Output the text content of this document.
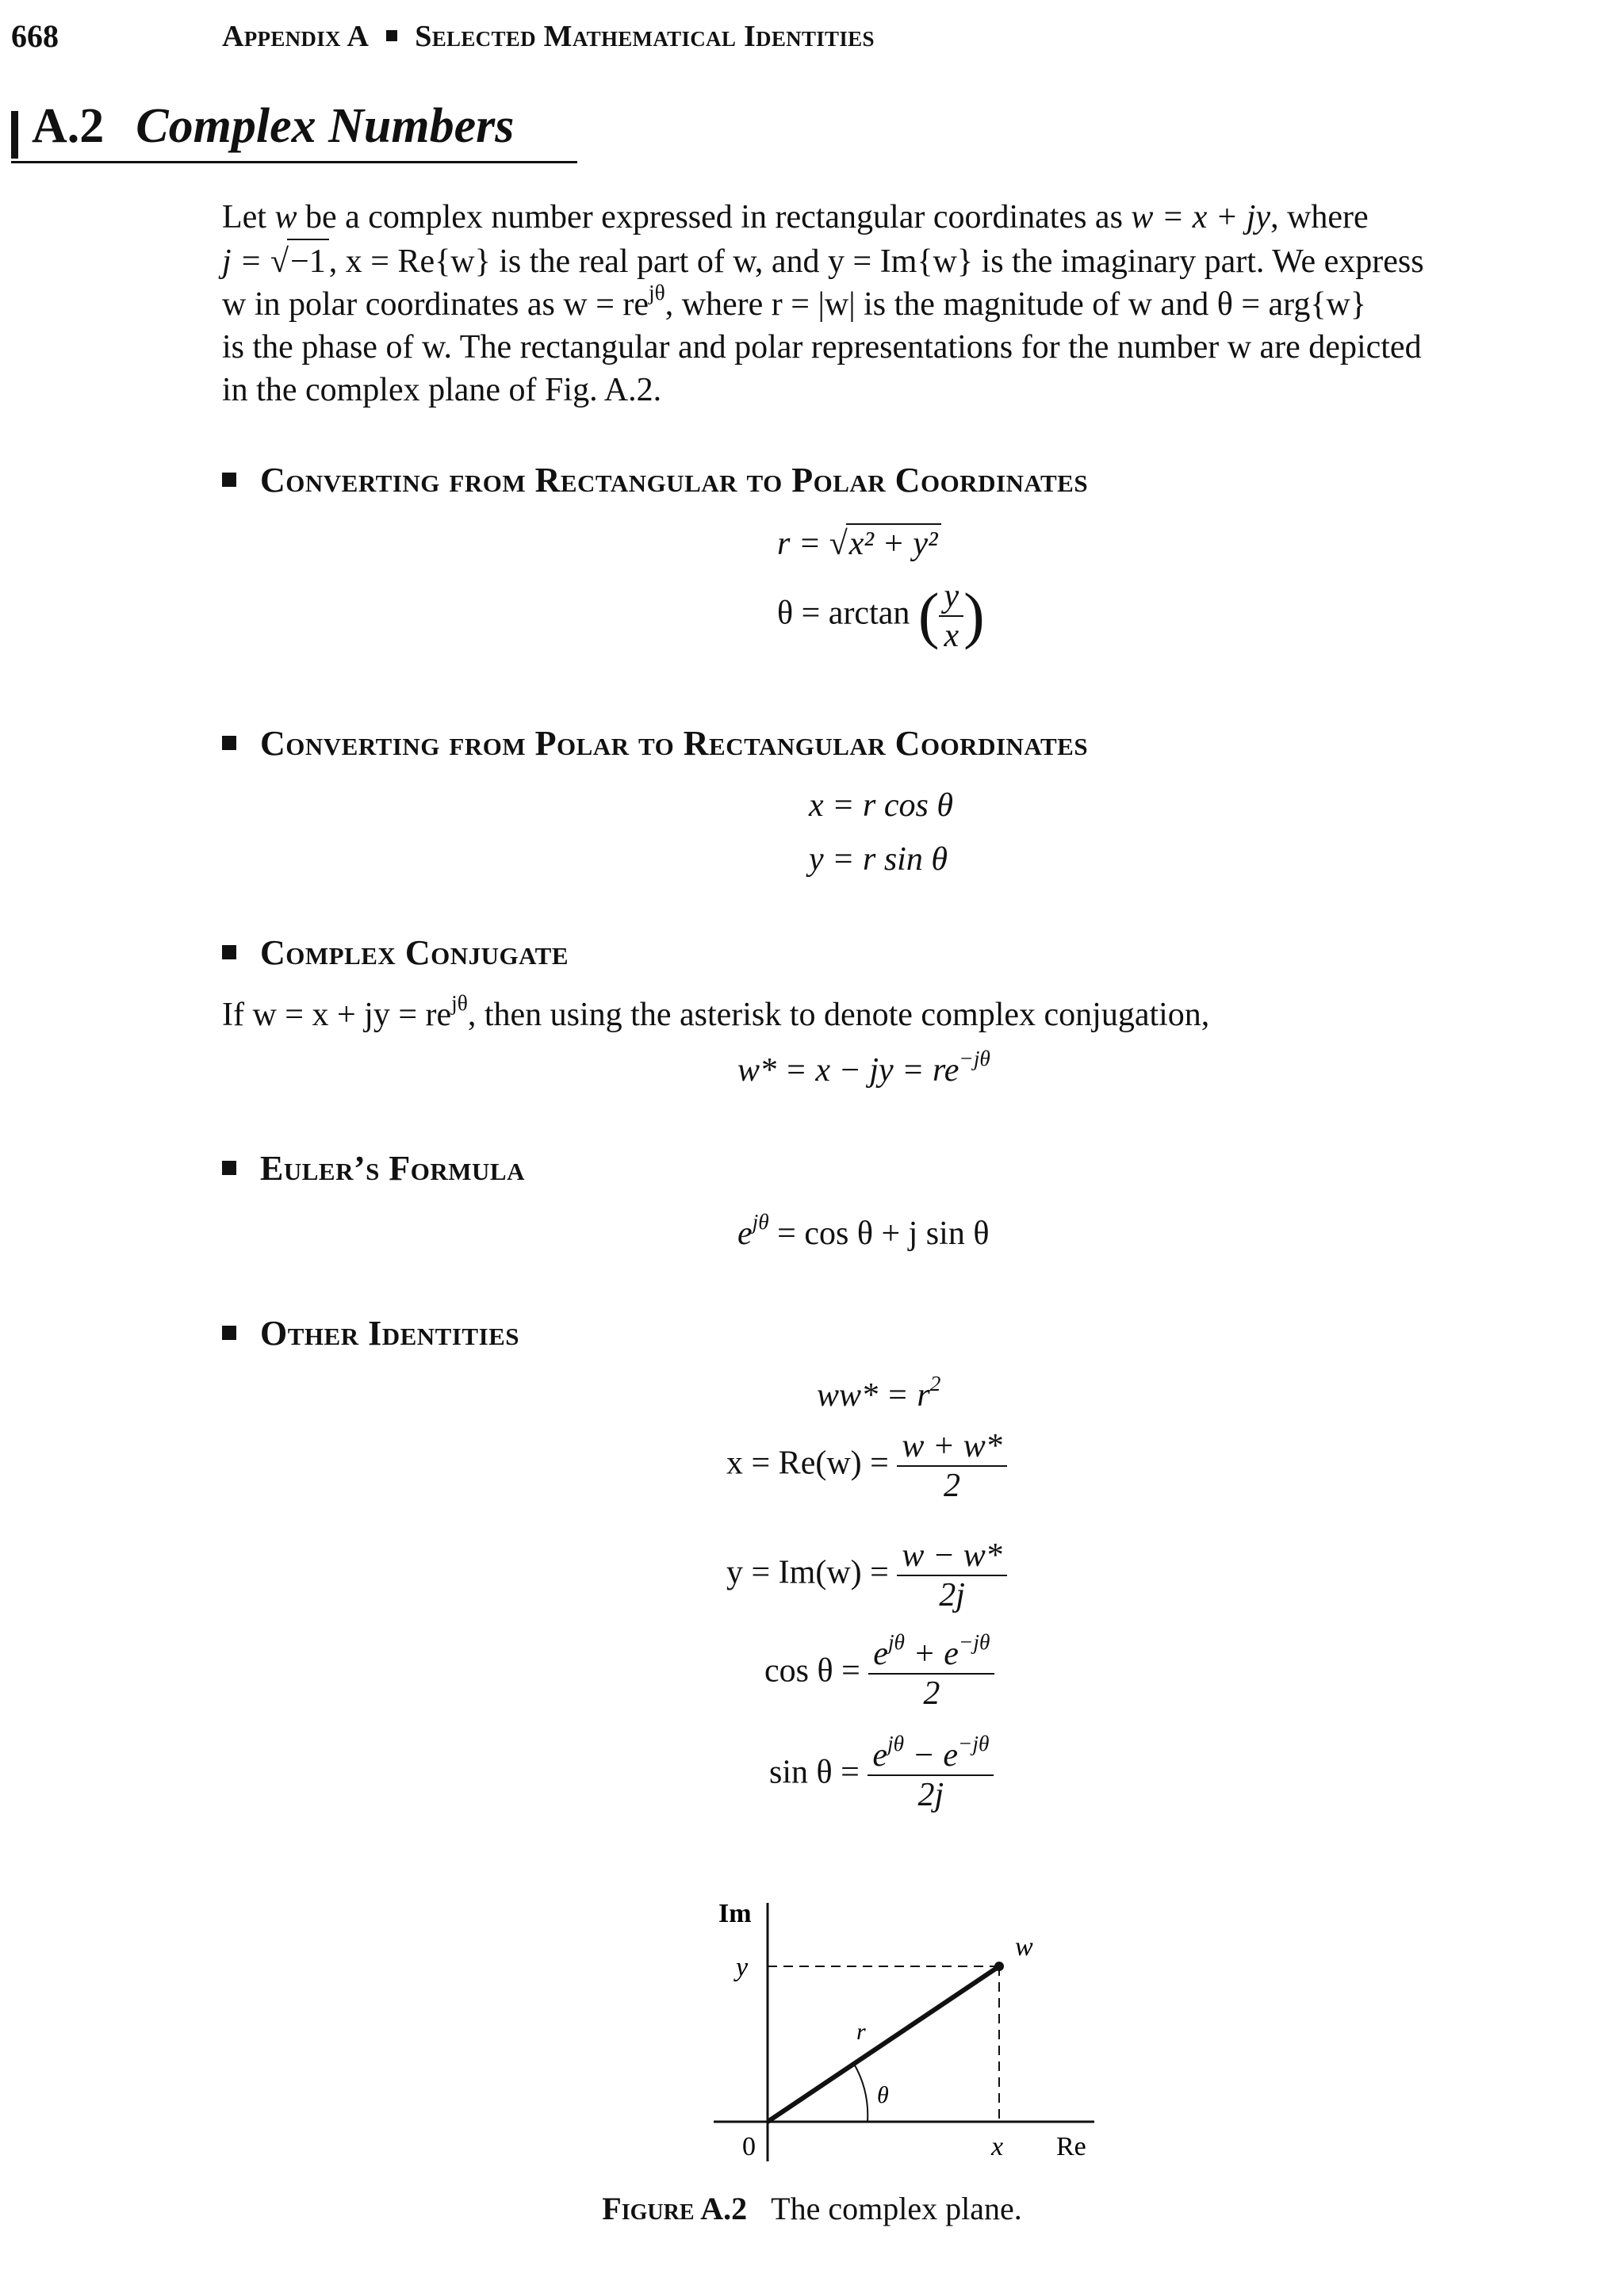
668	Appendix A Selected Mathematical Identities
A.2 Complex Numbers
Let w be a complex number expressed in rectangular coordinates as w = x + jy, where
j = √−1, x = Re{w} is the real part of w, and y = Im{w} is the imaginary part. We express
w in polar coordinates as $w = re^{j\theta}$, where r = |w| is the magnitude of w and θ = arg{w}
is the phase of w. The rectangular and polar representations for the number w are depicted
in the complex plane of Fig. A.2.
Converting from Rectangular to Polar Coordinates
r = √x² + y²
θ = arctan ( $\frac{y}{x}$ )
Converting from Polar to Rectangular Coordinates
x = r cos θ
y = r sin θ
Complex Conjugate
If w = x + jy = $re^{j\theta}$, then using the asterisk to denote complex conjugation,
w* = x − jy = $re^{-j\theta}$
Euler’s Formula
$e^{j\theta} = \cos \theta + j$ sin θ
Other Identities
$ww* = r^2$
$x = Re(w) = \frac{w + w*}{2}$
$y = Im(w) = \frac{w - w*}{2j}$
$\cos \theta = \frac{e^{j\theta} + e^{-j\theta}}{2}$
$\sin \theta = \frac{e^{j\theta} - e^{-j\theta}}{2j}$
Im
y
w
r
θ
0	x Re
Figure A.2 The complex plane.
